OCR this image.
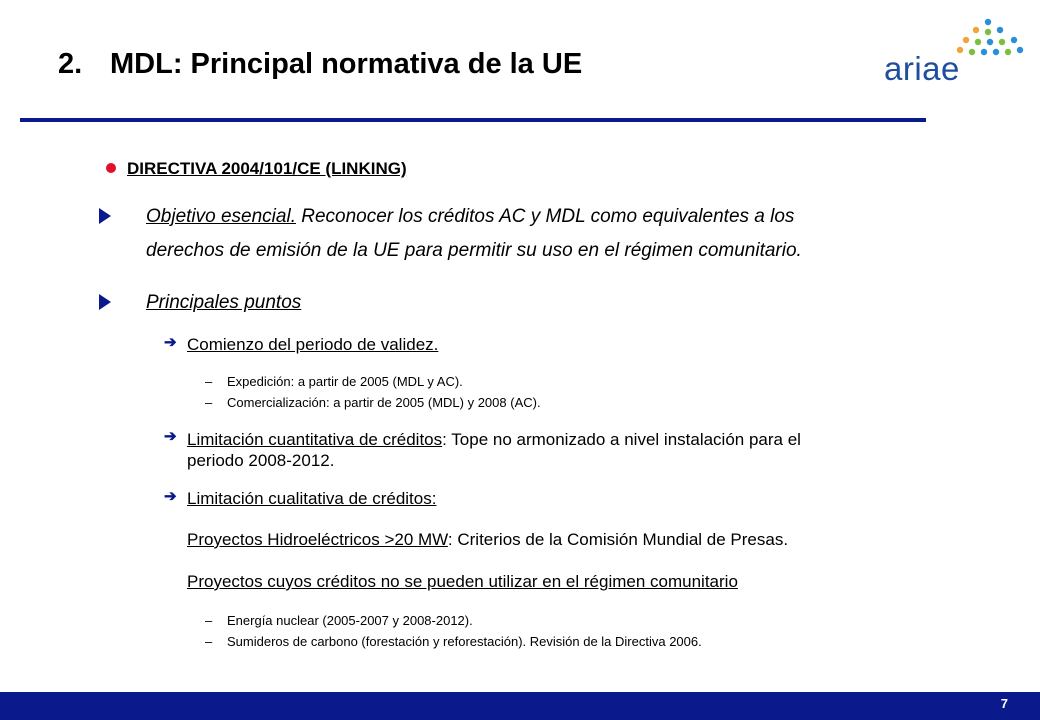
2. MDL: Principal normativa de la UE	ariae
DIRECTIVA 2004/101/CE (LINKING)
Objetivo esencial. Reconocer los créditos AC y MDL como equivalentes a los
derechos de emisión de la UE para permitir su uso en el régimen comunitario.
Principales puntos
➔ Comienzo del periodo de validez.
– Expedición: a partir de 2005 (MDL y AC).
– Comercialización: a partir de 2005 (MDL) y 2008 (AC).
➔ Limitación cuantitativa de créditos: Tope no armonizado a nivel instalación para el
periodo 2008-2012.
➔ Limitación cualitativa de créditos:
Proyectos Hidroeléctricos >20 MW: Criterios de la Comisión Mundial de Presas.
Proyectos cuyos créditos no se pueden utilizar en el régimen comunitario
– Energía nuclear (2005-2007 y 2008-2012).
– Sumideros de carbono (forestación y reforestación). Revisión de la Directiva 2006.
7
